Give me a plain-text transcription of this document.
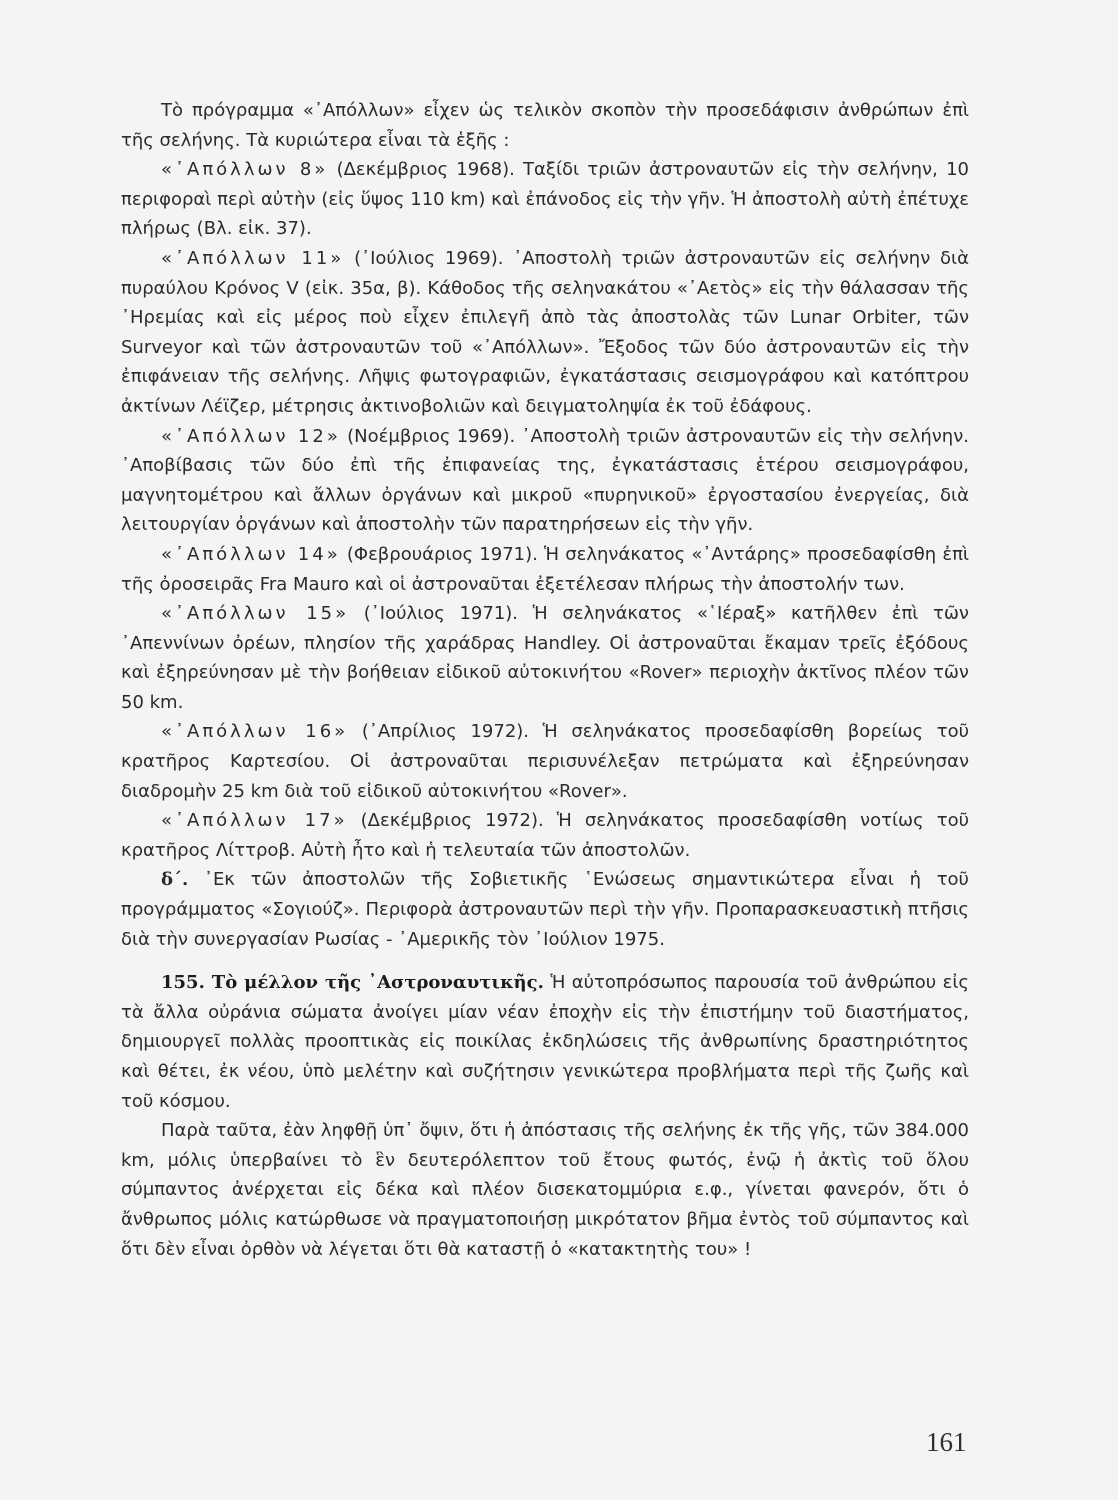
Τὸ πρόγραμμα «᾿Απόλλων» εἶχεν ὡς τελικὸν σκοπὸν τὴν προσεδάφισιν ἀνθρώπων ἐπὶ τῆς σελήνης. Τὰ κυριώτερα εἶναι τὰ ἑξῆς :

«᾿Απόλλων 8» (Δεκέμβριος 1968). Ταξίδι τριῶν ἀστροναυτῶν εἰς τὴν σελήνην, 10 περιφοραὶ περὶ αὐτὴν (εἰς ὕψος 110 km) καὶ ἐπάνοδος εἰς τὴν γῆν. Ἡ ἀποστολὴ αὐτὴ ἐπέτυχε πλήρως (Βλ. εἰκ. 37).

«᾿Απόλλων 11» (᾿Ιούλιος 1969). ᾿Αποστολὴ τριῶν ἀστροναυτῶν εἰς σελήνην διὰ πυραύλου Κρόνος V (εἰκ. 35α, β). Κάθοδος τῆς σεληνακάτου «᾿Αετὸς» εἰς τὴν θάλασσαν τῆς ᾿Ηρεμίας καὶ εἰς μέρος ποὺ εἶχεν ἐπιλεγῆ ἀπὸ τὰς ἀποστολὰς τῶν Lunar Orbiter, τῶν Surveyor καὶ τῶν ἀστροναυτῶν τοῦ «᾿Απόλλων». Ἔξοδος τῶν δύο ἀστροναυτῶν εἰς τὴν ἐπιφάνειαν τῆς σελήνης. Λῆψις φωτογραφιῶν, ἐγκατάστασις σεισμογράφου καὶ κατόπτρου ἀκτίνων Λέϊζερ, μέτρησις ἀκτινοβολιῶν καὶ δειγματοληψία ἐκ τοῦ ἐδάφους.

«᾿Απόλλων 12» (Νοέμβριος 1969). ᾿Αποστολὴ τριῶν ἀστροναυτῶν εἰς τὴν σελήνην. ᾿Αποβίβασις τῶν δύο ἐπὶ τῆς ἐπιφανείας της, ἐγκατάστασις ἑτέρου σεισμογράφου, μαγνητομέτρου καὶ ἄλλων ὀργάνων καὶ μικροῦ «πυρηνικοῦ» ἐργοστασίου ἐνεργείας, διὰ λειτουργίαν ὀργάνων καὶ ἀποστολὴν τῶν παρατηρήσεων εἰς τὴν γῆν.

«᾿Απόλλων 14» (Φεβρουάριος 1971). Ἡ σεληνάκατος «᾿Αντάρης» προσεδαφίσθη ἐπὶ τῆς ὀροσειρᾶς Fra Mauro καὶ οἱ ἀστροναῦται ἐξετέλεσαν πλήρως τὴν ἀποστολήν των.

«᾿Απόλλων 15» (᾿Ιούλιος 1971). Ἡ σεληνάκατος «῾Ιέραξ» κατῆλθεν ἐπὶ τῶν ᾿Απεννίνων ὀρέων, πλησίον τῆς χαράδρας Handley. Οἱ ἀστροναῦται ἔκαμαν τρεῖς ἐξόδους καὶ ἐξηρεύνησαν μὲ τὴν βοήθειαν εἰδικοῦ αὐτοκινήτου «Rover» περιοχὴν ἀκτῖνος πλέον τῶν 50 km.

«᾿Απόλλων 16» (᾿Απρίλιος 1972). Ἡ σεληνάκατος προσεδαφίσθη βορείως τοῦ κρατῆρος Καρτεσίου. Οἱ ἀστροναῦται περισυνέλεξαν πετρώματα καὶ ἐξηρεύνησαν διαδρομὴν 25 km διὰ τοῦ εἰδικοῦ αὐτοκινήτου «Rover».

«᾿Απόλλων 17» (Δεκέμβριος 1972). Ἡ σεληνάκατος προσεδαφίσθη νοτίως τοῦ κρατῆρος Λίττροβ. Αὐτὴ ἦτο καὶ ἡ τελευταία τῶν ἀποστολῶν.

δ΄. ᾿Εκ τῶν ἀποστολῶν τῆς Σοβιετικῆς ῾Ενώσεως σημαντικώτερα εἶναι ἡ τοῦ προγράμματος «Σογιούζ». Περιφορὰ ἀστροναυτῶν περὶ τὴν γῆν. Προπαρασκευαστικὴ πτῆσις διὰ τὴν συνεργασίαν Ρωσίας - ᾿Αμερικῆς τὸν ᾿Ιούλιον 1975.

155. Τὸ μέλλον τῆς ᾿Αστροναυτικῆς. Ἡ αὐτοπρόσωπος παρουσία τοῦ ἀνθρώπου εἰς τὰ ἄλλα οὐράνια σώματα ἀνοίγει μίαν νέαν ἐποχὴν εἰς τὴν ἐπιστήμην τοῦ διαστήματος, δημιουργεῖ πολλὰς προοπτικὰς εἰς ποικίλας ἐκδηλώσεις τῆς ἀνθρωπίνης δραστηριότητος καὶ θέτει, ἐκ νέου, ὑπὸ μελέτην καὶ συζήτησιν γενικώτερα προβλήματα περὶ τῆς ζωῆς καὶ τοῦ κόσμου.

Παρὰ ταῦτα, ἐὰν ληφθῇ ὑπ᾿ ὄψιν, ὅτι ἡ ἀπόστασις τῆς σελήνης ἐκ τῆς γῆς, τῶν 384.000 km, μόλις ὑπερβαίνει τὸ ἓν δευτερόλεπτον τοῦ ἔτους φωτός, ἐνῷ ἡ ἀκτὶς τοῦ ὅλου σύμπαντος ἀνέρχεται εἰς δέκα καὶ πλέον δισεκατομμύρια ε.φ., γίνεται φανερόν, ὅτι ὁ ἄνθρωπος μόλις κατώρθωσε νὰ πραγματοποιήσῃ μικρότατον βῆμα ἐντὸς τοῦ σύμπαντος καὶ ὅτι δὲν εἶναι ὀρθὸν νὰ λέγεται ὅτι θὰ καταστῇ ὁ «κατακτητὴς του» !

161
